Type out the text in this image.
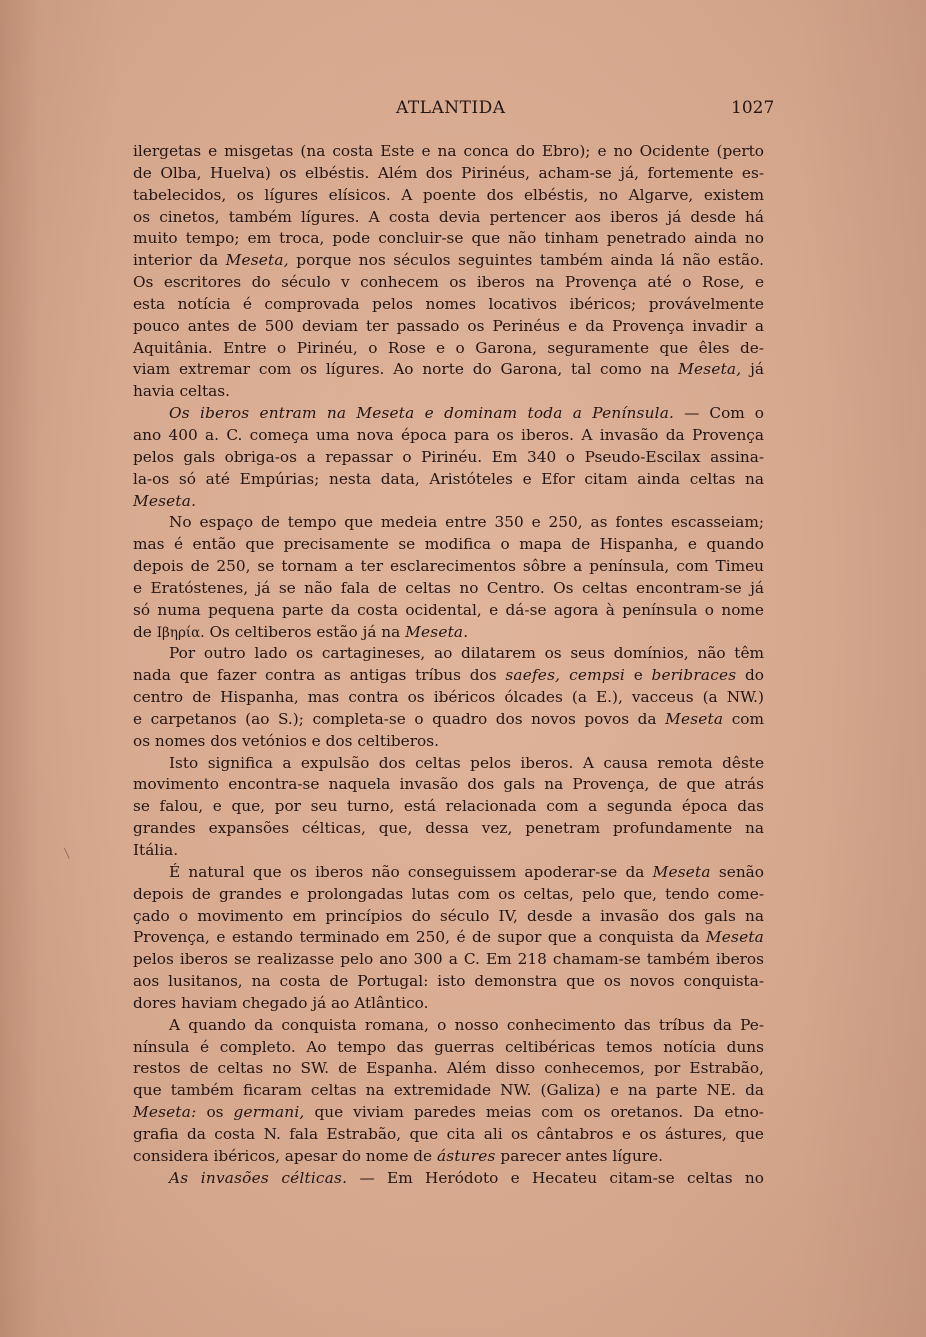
ATLANTIDA	1027
ilergetas e misgetas (na costa Este e na conca do Ebro); e no Ocidente (perto
de Olba, Huelva) os elbéstis. Além dos Pirinéus, acham-se já, fortemente es-
tabelecidos, os lígures elísicos. A poente dos elbéstis, no Algarve, existem
os cinetos, também lígures. A costa devia pertencer aos iberos já desde há
muito tempo; em troca, pode concluir-se que não tinham penetrado ainda no
interior da Meseta, porque nos séculos seguintes também ainda lá não estão.
Os escritores do século v conhecem os iberos na Provença até o Rose, e
esta notícia é comprovada pelos nomes locativos ibéricos; provávelmente
pouco antes de 500 deviam ter passado os Perinéus e da Provença invadir a
Aquitânia. Entre o Pirinéu, o Rose e o Garona, seguramente que êles de-
viam extremar com os lígures. Ao norte do Garona, tal como na Meseta, já
havia celtas.
Os iberos entram na Meseta e dominam toda a Península. — Com o
ano 400 a. C. começa uma nova época para os iberos. A invasão da Provença
pelos gals obriga-os a repassar o Pirinéu. Em 340 o Pseudo-Escilax assina-
la-os só até Empúrias; nesta data, Aristóteles e Efor citam ainda celtas na
Meseta.
No espaço de tempo que medeia entre 350 e 250, as fontes escasseiam;
mas é então que precisamente se modifica o mapa de Hispanha, e quando
depois de 250, se tornam a ter esclarecimentos sôbre a península, com Timeu
e Eratóstenes, já se não fala de celtas no Centro. Os celtas encontram-se já
só numa pequena parte da costa ocidental, e dá-se agora à península o nome
de Ιβηρία. Os celtiberos estão já na Meseta.
Por outro lado os cartagineses, ao dilatarem os seus domínios, não têm
nada que fazer contra as antigas tríbus dos saefes, cempsi e beribraces do
centro de Hispanha, mas contra os ibéricos ólcades (a E.), vacceus (a NW.)
e carpetanos (ao S.); completa-se o quadro dos novos povos da Meseta com
os nomes dos vetónios e dos celtiberos.
Isto significa a expulsão dos celtas pelos iberos. A causa remota dêste
movimento encontra-se naquela invasão dos gals na Provença, de que atrás
se falou, e que, por seu turno, está relacionada com a segunda época das
grandes expansões célticas, que, dessa vez, penetram profundamente na
Itália.
É natural que os iberos não conseguissem apoderar-se da Meseta senão
depois de grandes e prolongadas lutas com os celtas, pelo que, tendo come-
çado o movimento em princípios do século IV, desde a invasão dos gals na
Provença, e estando terminado em 250, é de supor que a conquista da Meseta
pelos iberos se realizasse pelo ano 300 a C. Em 218 chamam-se também iberos
aos lusitanos, na costa de Portugal: isto demonstra que os novos conquista-
dores haviam chegado já ao Atlântico.
A quando da conquista romana, o nosso conhecimento das tríbus da Pe-
nínsula é completo. Ao tempo das guerras celtibéricas temos notícia duns
restos de celtas no SW. de Espanha. Além disso conhecemos, por Estrabão,
que também ficaram celtas na extremidade NW. (Galiza) e na parte NE. da
Meseta: os germani, que viviam paredes meias com os oretanos. Da etno-
grafia da costa N. fala Estrabão, que cita ali os cântabros e os ástures, que
considera ibéricos, apesar do nome de ástures parecer antes lígure.
As invasões célticas. — Em Heródoto e Hecateu citam-se celtas no
